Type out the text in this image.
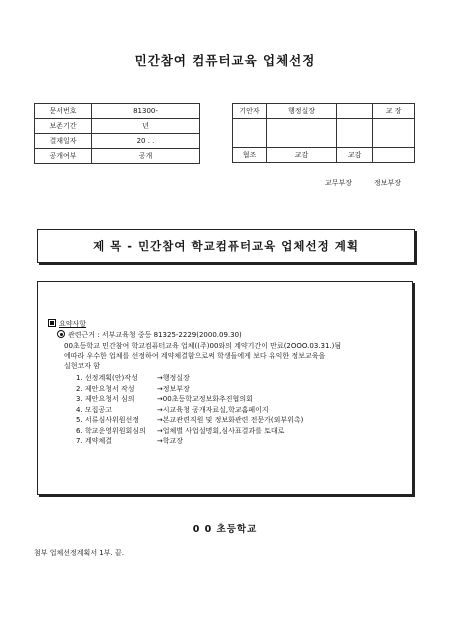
민간참여 컴퓨터교육 업체선정
문서번호	81300-
보존기간	년
결재일자	20 . .
공개여부	공개
기안자	행정실장		교 장

협조	교감	교감	
교무부장	정보부장
제 목 - 민간참여 학교컴퓨터교육 업체선정 계획
요약사항
관련근거 : 서부교육청 중등 81325-2229(2000.09.30)
00초등학교 민간참여 학교컴퓨터교육 업체((주)00와의 계약기간이 만료(2OOO.03.31.)됨
에따라 우수한 업체를 선정하여 계약체결함으로써 학생들에게 보다 유익한 정보교육을
실현코자 함
1. 선정계획(안)작성	→행정실장
2. 제안요청서 작성	→정보부장
3. 제안요청서 심의	→00초등학교정보화추진협의회
4. 모집공고	→시교육청 공개자료실,학교홈페이지
5. 서류심사위원선정	→본교관련직원 및 정보화관련 전문가(외부위촉)
6. 학교운영위원회심의 →업체별 사업설명회,심사표결과를 토대로
7. 계약체결	→학교장
0 0 초등학교
첨부 업체선정계획서 1부. 끝.
